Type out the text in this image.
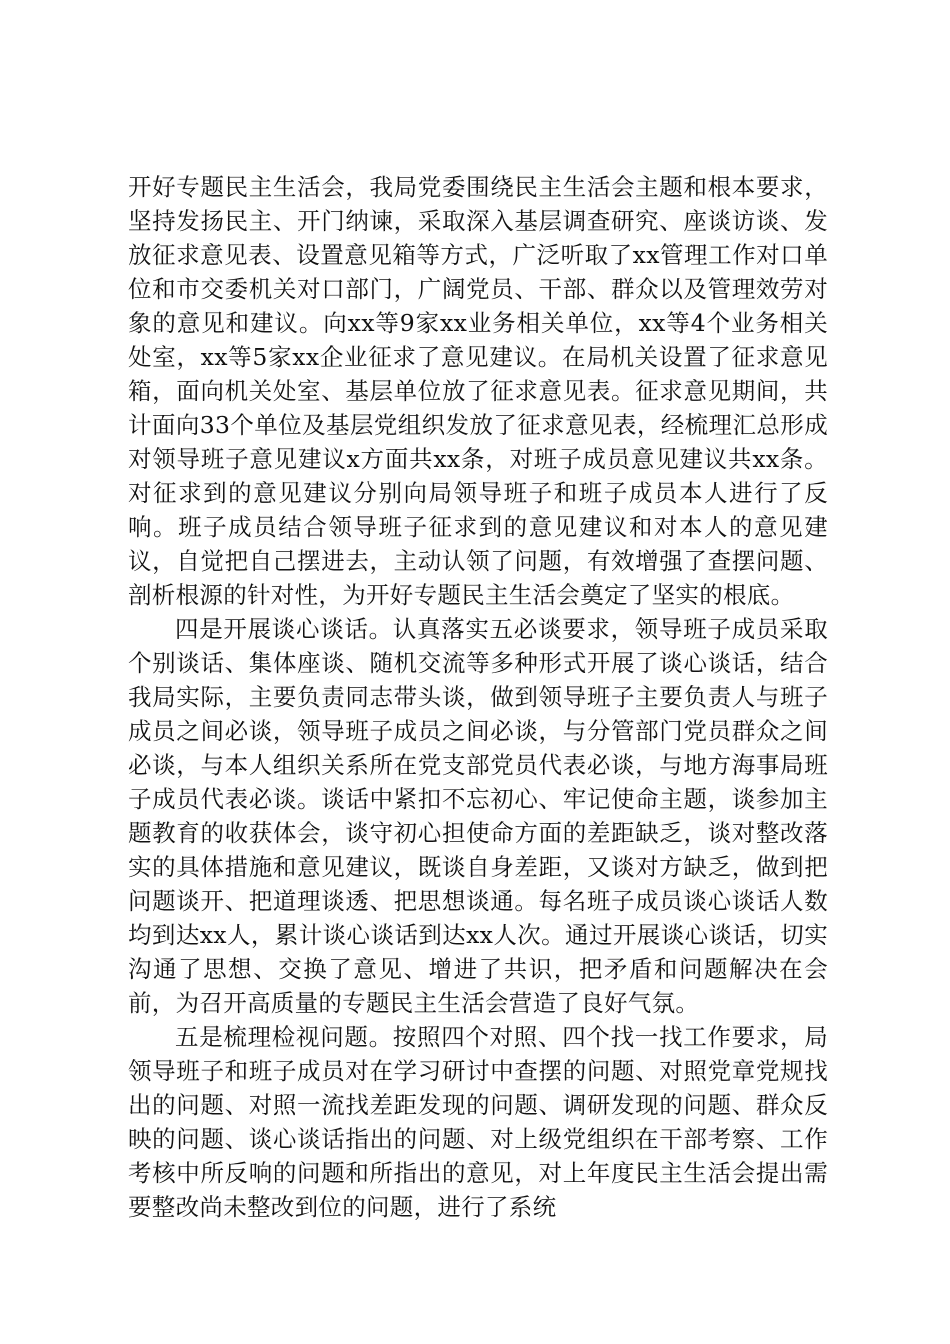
开好专题民主生活会，我局党委围绕民主生活会主题和根本要求，坚持发扬民主、开门纳谏，采取深入基层调查研究、座谈访谈、发放征求意见表、设置意见箱等方式，广泛听取了xx管理工作对口单位和市交委机关对口部门，广阔党员、干部、群众以及管理效劳对象的意见和建议。向xx等9家xx业务相关单位，xx等4个业务相关处室，xx等5家xx企业征求了意见建议。在局机关设置了征求意见箱，面向机关处室、基层单位放了征求意见表。征求意见期间，共计面向33个单位及基层党组织发放了征求意见表，经梳理汇总形成对领导班子意见建议x方面共xx条，对班子成员意见建议共xx条。对征求到的意见建议分别向局领导班子和班子成员本人进行了反响。班子成员结合领导班子征求到的意见建议和对本人的意见建议，自觉把自己摆进去，主动认领了问题，有效增强了查摆问题、剖析根源的针对性，为开好专题民主生活会奠定了坚实的根底。

四是开展谈心谈话。认真落实五必谈要求，领导班子成员采取个别谈话、集体座谈、随机交流等多种形式开展了谈心谈话，结合我局实际，主要负责同志带头谈，做到领导班子主要负责人与班子成员之间必谈，领导班子成员之间必谈，与分管部门党员群众之间必谈，与本人组织关系所在党支部党员代表必谈，与地方海事局班子成员代表必谈。谈话中紧扣不忘初心、牢记使命主题，谈参加主题教育的收获体会，谈守初心担使命方面的差距缺乏，谈对整改落实的具体措施和意见建议，既谈自身差距，又谈对方缺乏，做到把问题谈开、把道理谈透、把思想谈通。每名班子成员谈心谈话人数均到达xx人，累计谈心谈话到达xx人次。通过开展谈心谈话，切实沟通了思想、交换了意见、增进了共识，把矛盾和问题解决在会前，为召开高质量的专题民主生活会营造了良好气氛。

五是梳理检视问题。按照四个对照、四个找一找工作要求，局领导班子和班子成员对在学习研讨中查摆的问题、对照党章党规找出的问题、对照一流找差距发现的问题、调研发现的问题、群众反映的问题、谈心谈话指出的问题、对上级党组织在干部考察、工作考核中所反响的问题和所指出的意见，对上年度民主生活会提出需要整改尚未整改到位的问题，进行了系统
